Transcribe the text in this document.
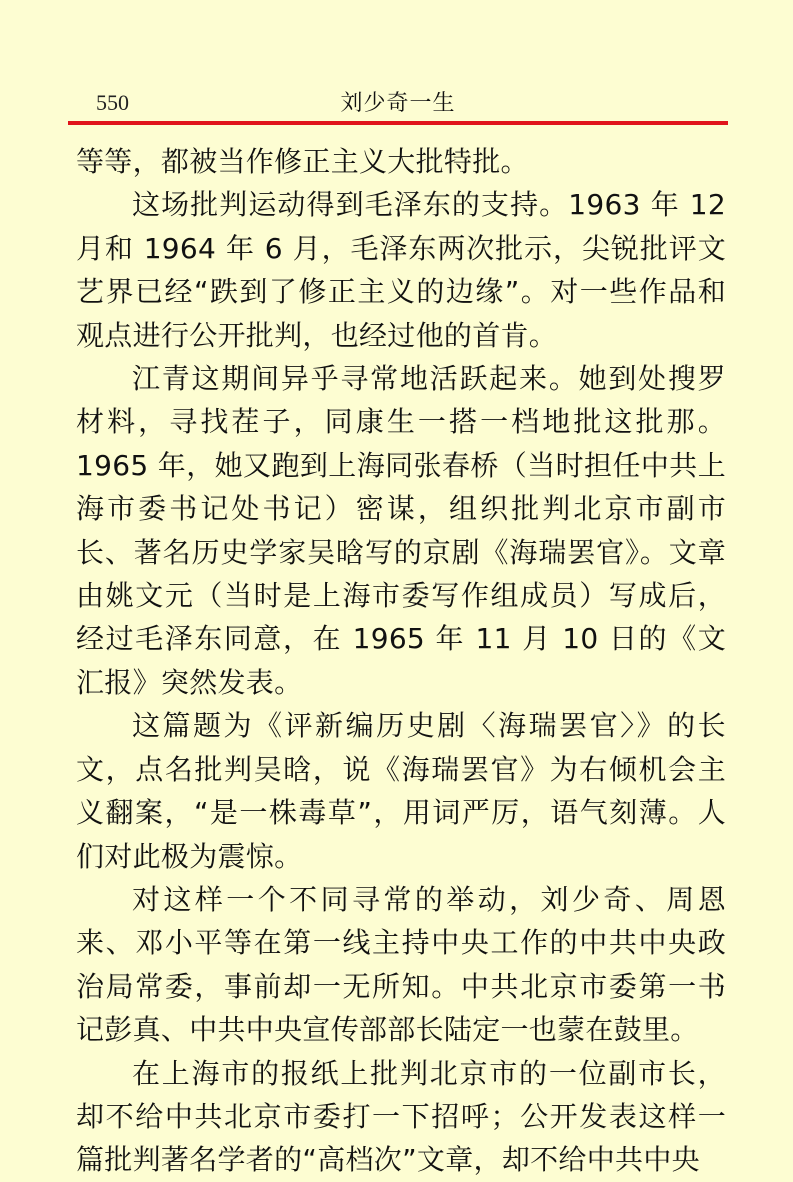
550	刘少奇一生

等等，都被当作修正主义大批特批。

这场批判运动得到毛泽东的支持。1963 年 12 月和 1964 年 6 月，毛泽东两次批示，尖锐批评文艺界已经“跌到了修正主义的边缘”。对一些作品和观点进行公开批判，也经过他的首肯。

江青这期间异乎寻常地活跃起来。她到处搜罗材料，寻找茬子，同康生一搭一档地批这批那。1965 年，她又跑到上海同张春桥（当时担任中共上海市委书记处书记）密谋，组织批判北京市副市长、著名历史学家吴晗写的京剧《海瑞罢官》。文章由姚文元（当时是上海市委写作组成员）写成后，经过毛泽东同意，在 1965 年 11 月 10 日的《文汇报》突然发表。

这篇题为《评新编历史剧〈海瑞罢官〉》的长文，点名批判吴晗，说《海瑞罢官》为右倾机会主义翻案，“是一株毒草”，用词严厉，语气刻薄。人们对此极为震惊。

对这样一个不同寻常的举动，刘少奇、周恩来、邓小平等在第一线主持中央工作的中共中央政治局常委，事前却一无所知。中共北京市委第一书记彭真、中共中央宣传部部长陆定一也蒙在鼓里。

在上海市的报纸上批判北京市的一位副市长，却不给中共北京市委打一下招呼；公开发表这样一篇批判著名学者的“高档次”文章，却不给中共中央
